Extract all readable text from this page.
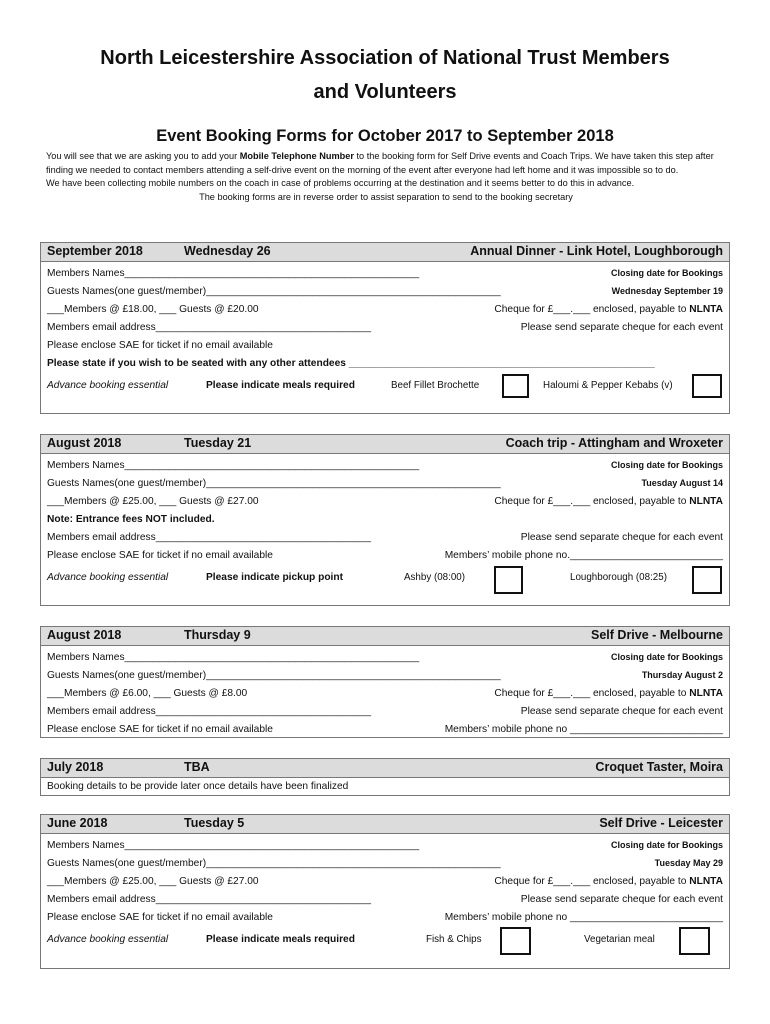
North Leicestershire Association of National Trust Members
and Volunteers
Event Booking Forms for October 2017 to September 2018

You will see that we are asking you to add your Mobile Telephone Number to the booking form for Self Drive events and Coach Trips. We have taken this step after finding we needed to contact members attending a self-drive event on the morning of the event after everyone had left home and it was impossible so to do.

We have been collecting mobile numbers on the coach in case of problems occurring at the destination and it seems better to do this in advance.

The booking forms are in reverse order to assist separation to send to the booking secretary

September 2018	Wednesday 26	Annual Dinner - Link Hotel, Loughborough
Members Names____________________________________________________	Closing date for Bookings
Guests Names(one guest/member)____________________________________________________	Wednesday September 19
___Members @ £18.00, ___ Guests @ £20.00	Cheque for £___.___ enclosed, payable to NLNTA
Members email address______________________________________	Please send separate cheque for each event
Please enclose SAE for ticket if no email available
Please state if you wish to be seated with any other attendees ______________________________________________________
Advance booking essential	Please indicate meals required	Beef Fillet Brochette	Haloumi & Pepper Kebabs (v)
August 2018	Tuesday 21	Coach trip - Attingham and Wroxeter
Members Names____________________________________________________	Closing date for Bookings
Guests Names(one guest/member)____________________________________________________	Tuesday August 14
___Members @ £25.00, ___ Guests @ £27.00	Cheque for £___.___ enclosed, payable to NLNTA
Note: Entrance fees NOT included.
Members email address______________________________________	Please send separate cheque for each event
Please enclose SAE for ticket if no email available	Members’ mobile phone no.___________________________
Advance booking essential	Please indicate pickup point	Ashby (08:00)	Loughborough (08:25)
August 2018	Thursday 9	Self Drive - Melbourne
Members Names____________________________________________________	Closing date for Bookings
Guests Names(one guest/member)____________________________________________________	Thursday August 2
___Members @ £6.00, ___ Guests @ £8.00	Cheque for £___.___ enclosed, payable to NLNTA
Members email address______________________________________	Please send separate cheque for each event
Please enclose SAE for ticket if no email available	Members’ mobile phone no ___________________________
July 2018	TBA	Croquet Taster, Moira
Booking details to be provide later once details have been finalized
June 2018	Tuesday 5	Self Drive - Leicester
Members Names____________________________________________________	Closing date for Bookings
Guests Names(one guest/member)____________________________________________________	Tuesday May 29
___Members @ £25.00, ___ Guests @ £27.00	Cheque for £___.___ enclosed, payable to NLNTA
Members email address______________________________________	Please send separate cheque for each event
Please enclose SAE for ticket if no email available	Members’ mobile phone no ___________________________
Advance booking essential	Please indicate meals required	Fish & Chips	Vegetarian meal
